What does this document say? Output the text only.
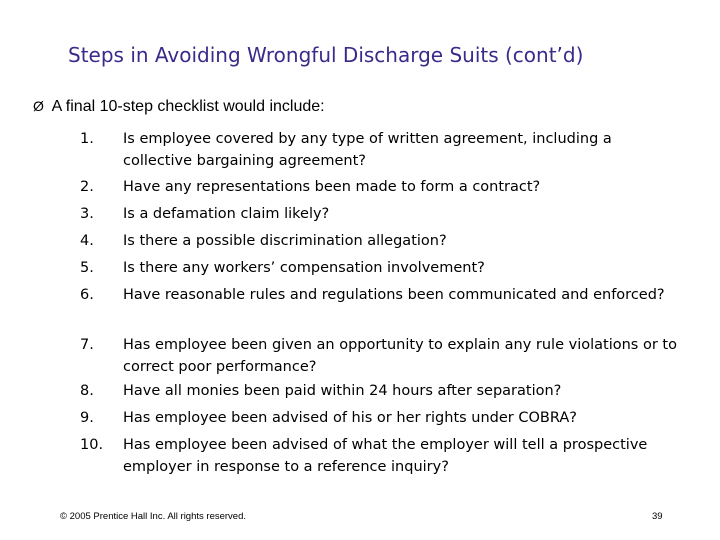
Steps in Avoiding Wrongful Discharge Suits (cont’d)
Ø A final 10-step checklist would include:
1.	Is employee covered by any type of written agreement, including a collective bargaining agreement?
2.	Have any representations been made to form a contract?
3.	Is a defamation claim likely?
4.	Is there a possible discrimination allegation?
5.	Is there any workers’ compensation involvement?
6.	Have reasonable rules and regulations been communicated and enforced?
7.	Has employee been given an opportunity to explain any rule violations or to correct poor performance?
8.	Have all monies been paid within 24 hours after separation?
9.	Has employee been advised of his or her rights under COBRA?
10.	Has employee been advised of what the employer will tell a prospective employer in response to a reference inquiry?
© 2005 Prentice Hall Inc. All rights reserved.	39
